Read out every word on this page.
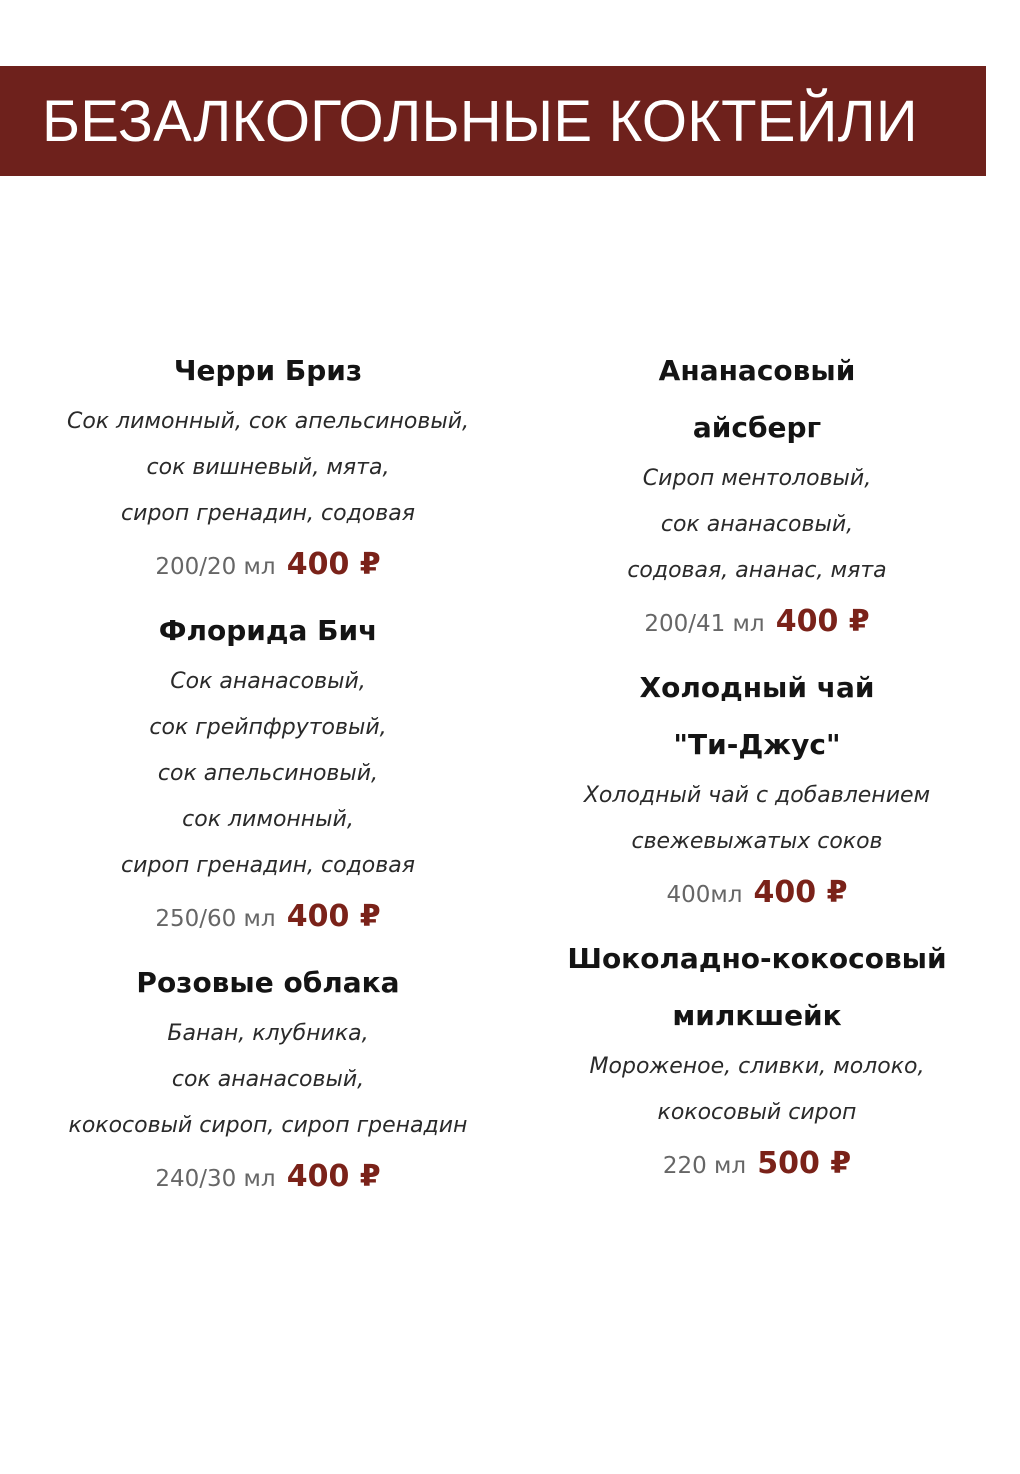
БЕЗАЛКОГОЛЬНЫЕ КОКТЕЙЛИ
Черри Бриз
Сок лимонный, сок апельсиновый,
сок вишневый, мята,
сироп гренадин, содовая
200/20 мл 400 ₽
Флорида Бич
Сок ананасовый,
сок грейпфрутовый,
сок апельсиновый,
сок лимонный,
сироп гренадин, содовая
250/60 мл 400 ₽
Розовые облака
Банан, клубника,
сок ананасовый,
кокосовый сироп, сироп гренадин
240/30 мл 400 ₽
Ананасовый
айсберг
Сироп ментоловый,
сок ананасовый,
содовая, ананас, мята
200/41 мл 400 ₽
Холодный чай
"Ти-Джус"
Холодный чай с добавлением
свежевыжатых соков
400мл 400 ₽
Шоколадно-кокосовый
милкшейк
Мороженое, сливки, молоко,
кокосовый сироп
220 мл 500 ₽
